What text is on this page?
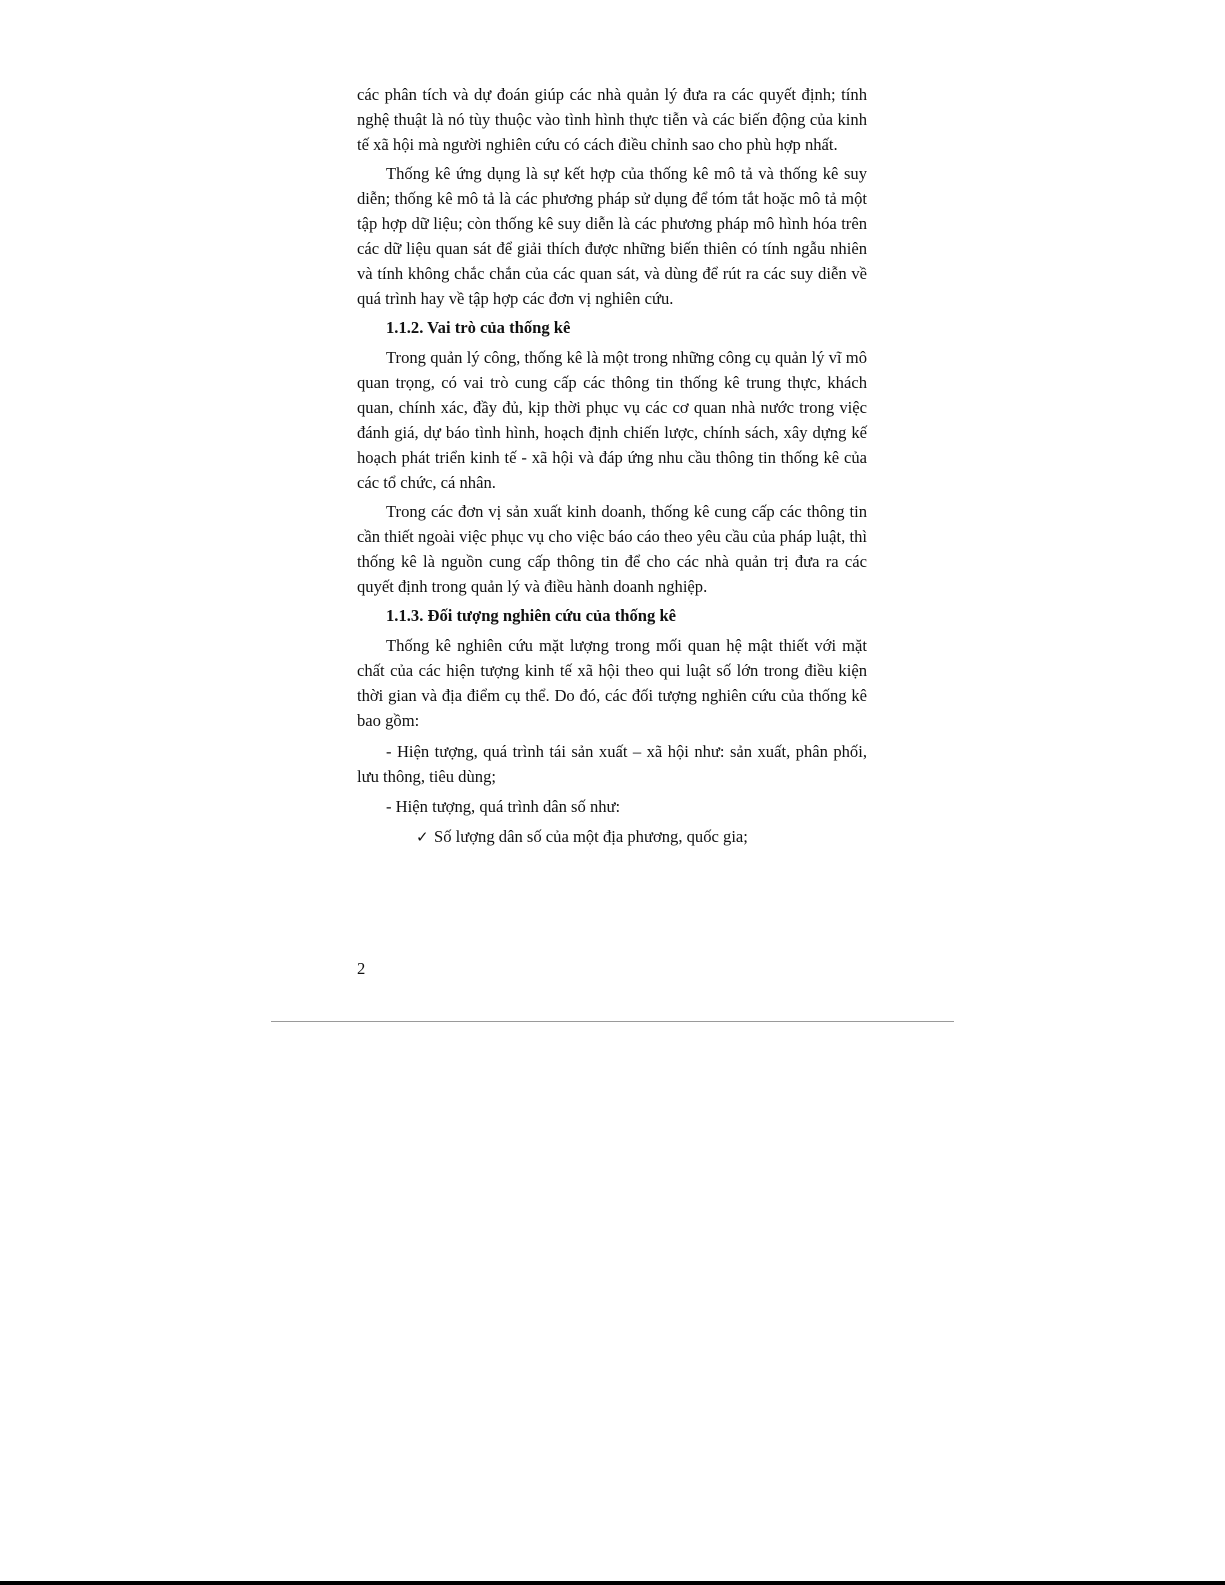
các phân tích và dự đoán giúp các nhà quản lý đưa ra các quyết định; tính nghệ thuật là nó tùy thuộc vào tình hình thực tiễn và các biến động của kinh tế xã hội mà người nghiên cứu có cách điều chỉnh sao cho phù hợp nhất.

Thống kê ứng dụng là sự kết hợp của thống kê mô tả và thống kê suy diễn; thống kê mô tả là các phương pháp sử dụng để tóm tắt hoặc mô tả một tập hợp dữ liệu; còn thống kê suy diễn là các phương pháp mô hình hóa trên các dữ liệu quan sát để giải thích được những biến thiên có tính ngẫu nhiên và tính không chắc chắn của các quan sát, và dùng để rút ra các suy diễn về quá trình hay về tập hợp các đơn vị nghiên cứu.

1.1.2. Vai trò của thống kê

Trong quản lý công, thống kê là một trong những công cụ quản lý vĩ mô quan trọng, có vai trò cung cấp các thông tin thống kê trung thực, khách quan, chính xác, đầy đủ, kịp thời phục vụ các cơ quan nhà nước trong việc đánh giá, dự báo tình hình, hoạch định chiến lược, chính sách, xây dựng kế hoạch phát triển kinh tế - xã hội và đáp ứng nhu cầu thông tin thống kê của các tổ chức, cá nhân.

Trong các đơn vị sản xuất kinh doanh, thống kê cung cấp các thông tin cần thiết ngoài việc phục vụ cho việc báo cáo theo yêu cầu của pháp luật, thì thống kê là nguồn cung cấp thông tin để cho các nhà quản trị đưa ra các quyết định trong quản lý và điều hành doanh nghiệp.

1.1.3. Đối tượng nghiên cứu của thống kê

Thống kê nghiên cứu mặt lượng trong mối quan hệ mật thiết với mặt chất của các hiện tượng kinh tế xã hội theo qui luật số lớn trong điều kiện thời gian và địa điểm cụ thể. Do đó, các đối tượng nghiên cứu của thống kê bao gồm:

- Hiện tượng, quá trình tái sản xuất – xã hội như: sản xuất, phân phối, lưu thông, tiêu dùng;

- Hiện tượng, quá trình dân số như:

✓ Số lượng dân số của một địa phương, quốc gia;
2
